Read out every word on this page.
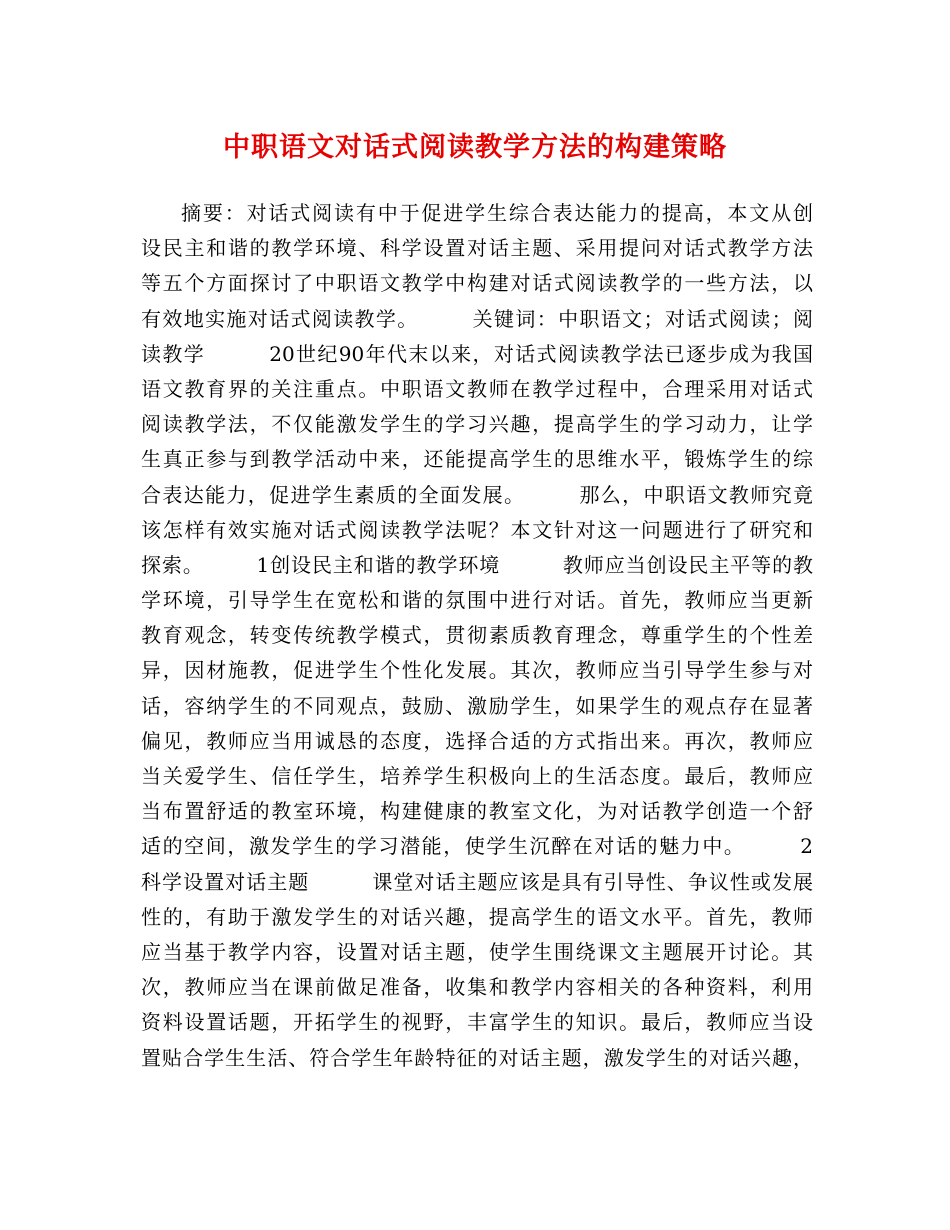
中职语文对话式阅读教学方法的构建策略
摘要：对话式阅读有中于促进学生综合表达能力的提高，本文从创
设民主和谐的教学环境、科学设置对话主题、采用提问对话式教学方法
等五个方面探讨了中职语文教学中构建对话式阅读教学的一些方法，以
有效地实施对话式阅读教学。　　　关键词：中职语文；对话式阅读；阅
读教学　　　20世纪90年代末以来，对话式阅读教学法已逐步成为我国
语文教育界的关注重点。中职语文教师在教学过程中，合理采用对话式
阅读教学法，不仅能激发学生的学习兴趣，提高学生的学习动力，让学
生真正参与到教学活动中来，还能提高学生的思维水平，锻炼学生的综
合表达能力，促进学生素质的全面发展。　　　那么，中职语文教师究竟
该怎样有效实施对话式阅读教学法呢？本文针对这一问题进行了研究和
探索。　　　1创设民主和谐的教学环境　　　教师应当创设民主平等的教
学环境，引导学生在宽松和谐的氛围中进行对话。首先，教师应当更新
教育观念，转变传统教学模式，贯彻素质教育理念，尊重学生的个性差
异，因材施教，促进学生个性化发展。其次，教师应当引导学生参与对
话，容纳学生的不同观点，鼓励、激励学生，如果学生的观点存在显著
偏见，教师应当用诚恳的态度，选择合适的方式指出来。再次，教师应
当关爱学生、信任学生，培养学生积极向上的生活态度。最后，教师应
当布置舒适的教室环境，构建健康的教室文化，为对话教学创造一个舒
适的空间，激发学生的学习潜能，使学生沉醉在对话的魅力中。　　　2
科学设置对话主题　　　课堂对话主题应该是具有引导性、争议性或发展
性的，有助于激发学生的对话兴趣，提高学生的语文水平。首先，教师
应当基于教学内容，设置对话主题，使学生围绕课文主题展开讨论。其
次，教师应当在课前做足准备，收集和教学内容相关的各种资料，利用
资料设置话题，开拓学生的视野，丰富学生的知识。最后，教师应当设
置贴合学生生活、符合学生年龄特征的对话主题，激发学生的对话兴趣，
